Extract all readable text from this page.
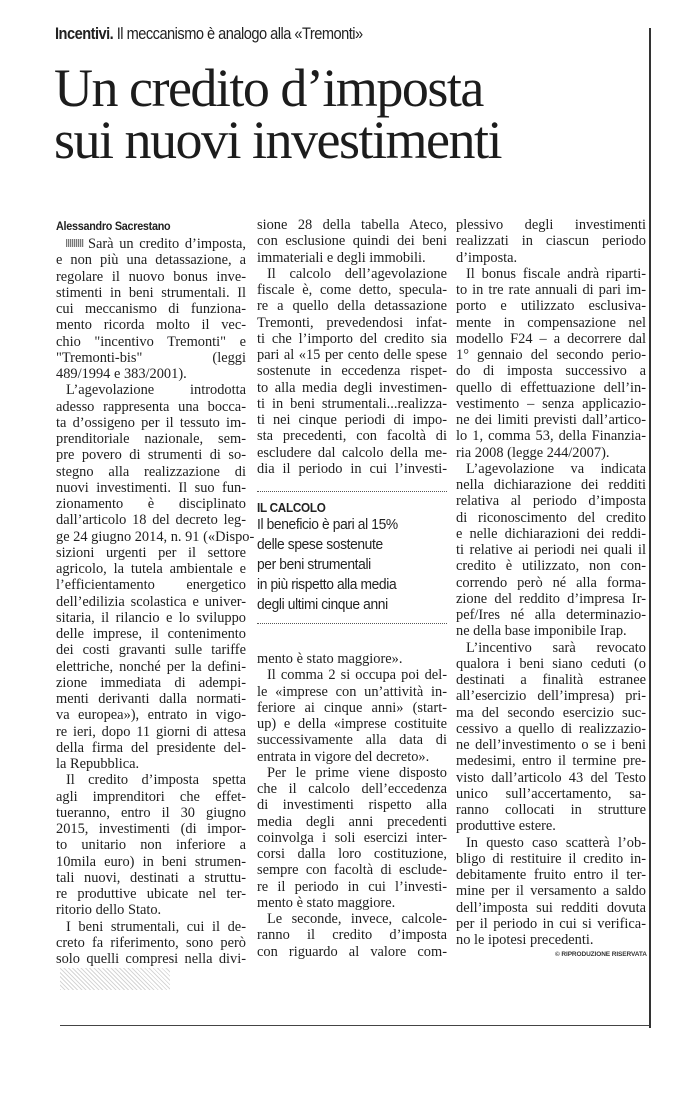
Incentivi. Il meccanismo è analogo alla «Tremonti»
Un credito d’imposta
sui nuovi investimenti
Alessandro Sacrestano
Sarà un credito d’imposta,
e non più una detassazione, a
regolare il nuovo bonus inve-
stimenti in beni strumentali. Il
cui meccanismo di funziona-
mento ricorda molto il vec-
chio "incentivo Tremonti" e
"Tremonti-bis" (leggi
489/1994 e 383/2001).
L’agevolazione introdotta
adesso rappresenta una bocca-
ta d’ossigeno per il tessuto im-
prenditoriale nazionale, sem-
pre povero di strumenti di so-
stegno alla realizzazione di
nuovi investimenti. Il suo fun-
zionamento è disciplinato
dall’articolo 18 del decreto leg-
ge 24 giugno 2014, n. 91 («Dispo-
sizioni urgenti per il settore
agricolo, la tutela ambientale e
l’efficientamento energetico
dell’edilizia scolastica e univer-
sitaria, il rilancio e lo sviluppo
delle imprese, il contenimento
dei costi gravanti sulle tariffe
elettriche, nonché per la defini-
zione immediata di adempi-
menti derivanti dalla normati-
va europea»), entrato in vigo-
re ieri, dopo 11 giorni di attesa
della firma del presidente del-
la Repubblica.
Il credito d’imposta spetta
agli imprenditori che effet-
tueranno, entro il 30 giugno
2015, investimenti (di impor-
to unitario non inferiore a
10mila euro) in beni strumen-
tali nuovi, destinati a struttu-
re produttive ubicate nel ter-
ritorio dello Stato.
I beni strumentali, cui il de-
creto fa riferimento, sono però
solo quelli compresi nella divi-
sione 28 della tabella Ateco,
con esclusione quindi dei beni
immateriali e degli immobili.
Il calcolo dell’agevolazione
fiscale è, come detto, specula-
re a quello della detassazione
Tremonti, prevedendosi infat-
ti che l’importo del credito sia
pari al «15 per cento delle spese
sostenute in eccedenza rispet-
to alla media degli investimen-
ti in beni strumentali...realizza-
ti nei cinque periodi di impo-
sta precedenti, con facoltà di
escludere dal calcolo della me-
dia il periodo in cui l’investi-
IL CALCOLO
Il beneficio è pari al 15%
delle spese sostenute
per beni strumentali
in più rispetto alla media
degli ultimi cinque anni
mento è stato maggiore».
Il comma 2 si occupa poi del-
le «imprese con un’attività in-
feriore ai cinque anni» (start-
up) e della «imprese costituite
successivamente alla data di
entrata in vigore del decreto».
Per le prime viene disposto
che il calcolo dell’eccedenza
di investimenti rispetto alla
media degli anni precedenti
coinvolga i soli esercizi inter-
corsi dalla loro costituzione,
sempre con facoltà di esclude-
re il periodo in cui l’investi-
mento è stato maggiore.
Le seconde, invece, calcole-
ranno il credito d’imposta
con riguardo al valore com-
plessivo degli investimenti
realizzati in ciascun periodo
d’imposta.
Il bonus fiscale andrà riparti-
to in tre rate annuali di pari im-
porto e utilizzato esclusiva-
mente in compensazione nel
modello F24 – a decorrere dal
1° gennaio del secondo perio-
do di imposta successivo a
quello di effettuazione dell’in-
vestimento – senza applicazio-
ne dei limiti previsti dall’artico-
lo 1, comma 53, della Finanzia-
ria 2008 (legge 244/2007).
L’agevolazione va indicata
nella dichiarazione dei redditi
relativa al periodo d’imposta
di riconoscimento del credito
e nelle dichiarazioni dei reddi-
ti relative ai periodi nei quali il
credito è utilizzato, non con-
correndo però né alla forma-
zione del reddito d’impresa Ir-
pef/Ires né alla determinazio-
ne della base imponibile Irap.
L’incentivo sarà revocato
qualora i beni siano ceduti (o
destinati a finalità estranee
all’esercizio dell’impresa) pri-
ma del secondo esercizio suc-
cessivo a quello di realizzazio-
ne dell’investimento o se i beni
medesimi, entro il termine pre-
visto dall’articolo 43 del Testo
unico sull’accertamento, sa-
ranno collocati in strutture
produttive estere.
In questo caso scatterà l’ob-
bligo di restituire il credito in-
debitamente fruito entro il ter-
mine per il versamento a saldo
dell’imposta sui redditi dovuta
per il periodo in cui si verifica-
no le ipotesi precedenti.
© RIPRODUZIONE RISERVATA
